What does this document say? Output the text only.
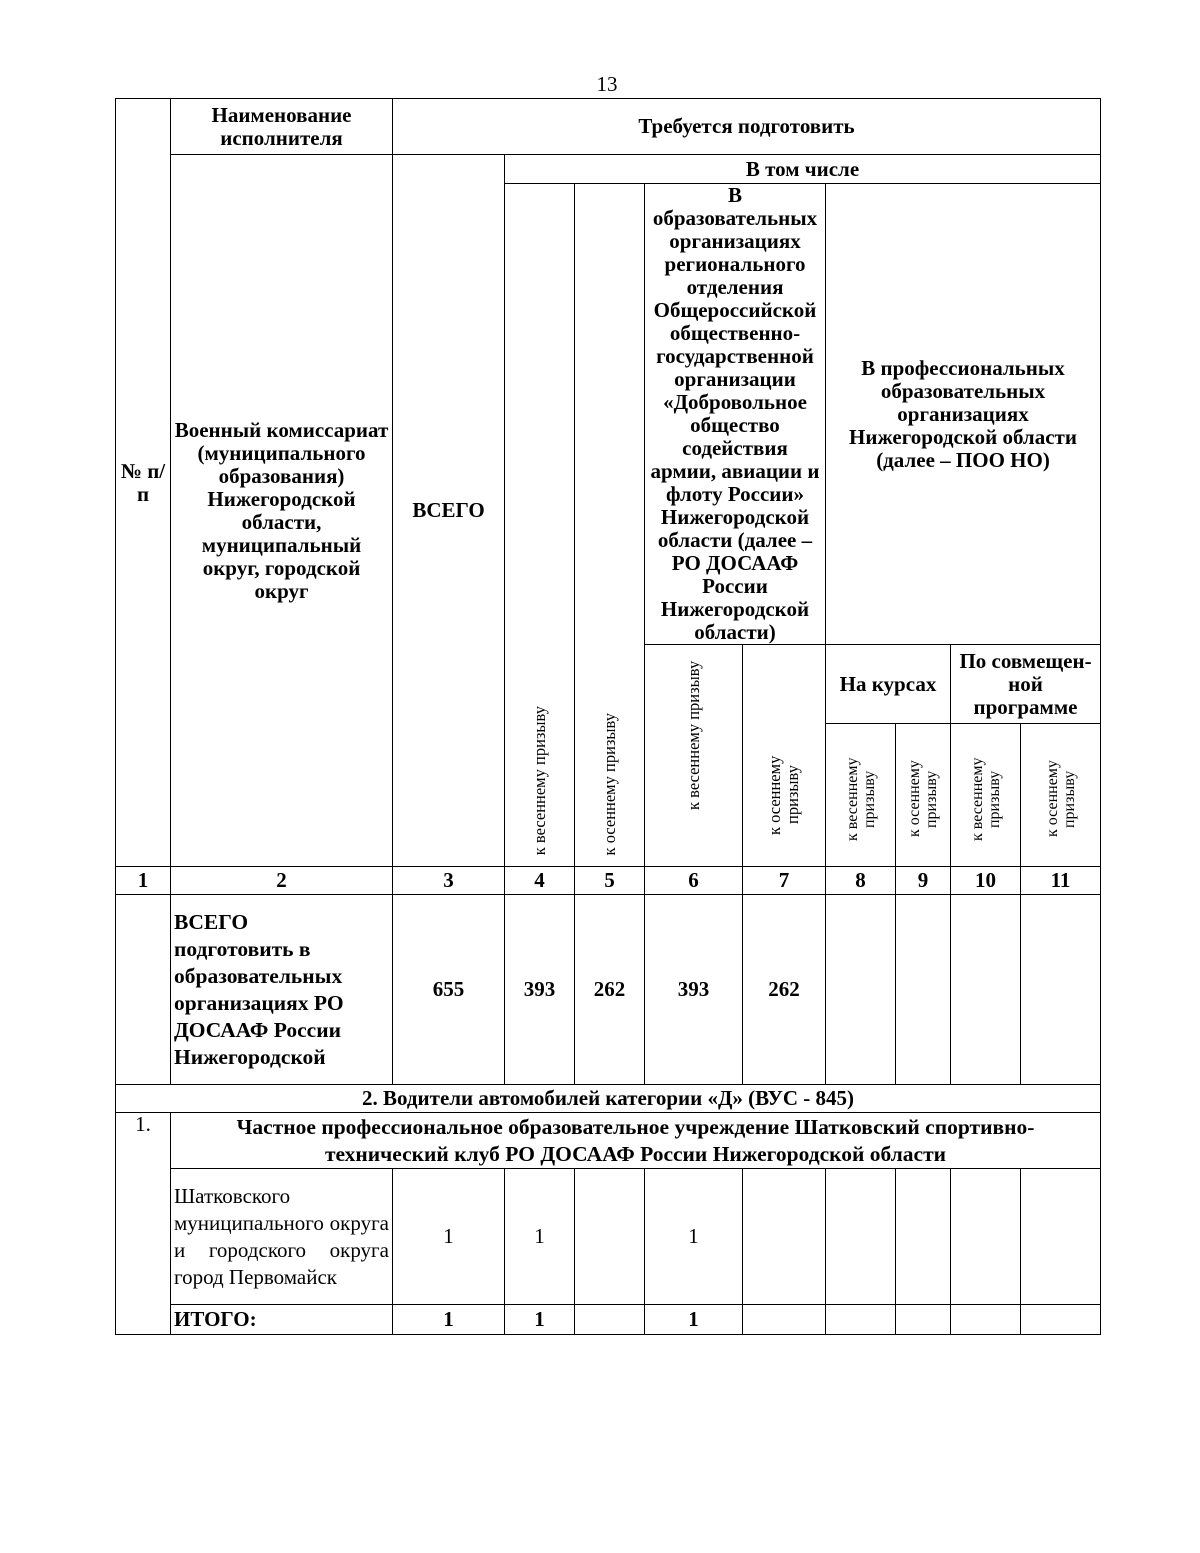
13
№ п/п	Наименование исполнителя	Требуется подготовить								
	Военный комиссариат (муниципального образования) Нижегородской области, муниципальный округ, городской округ	ВСЕГО	В том числе							
			к весеннему призыву	к осеннему призыву	В образовательных организациях регионального отделения Общероссийской общественно-государственной организации «Добровольное общество содействия армии, авиации и флоту России» Нижегородской области (далее – РО ДОСААФ России Нижегородской области)		В профессиональных образовательных организациях Нижегородской области (далее – ПОО НО)			
					к весеннему призыву	к осеннему призыву	На курсах		По совмещен-ной программе	
							к весеннему призыву	к осеннему призыву	к весеннему призыву	к осеннему призыву
1	2	3	4	5	6	7	8	9	10	11
	ВСЕГО подготовить в образовательных организациях РО ДОСААФ России Нижегородской	655	393	262	393	262				
2. Водители автомобилей категории «Д» (ВУС - 845)										
1.	Частное профессиональное образовательное учреждение Шатковский спортивно-технический клуб РО ДОСААФ России Нижегородской области									
	Шатковского муниципального округа и городского округа город Первомайск	1	1		1					
	ИТОГО:	1	1		1					
